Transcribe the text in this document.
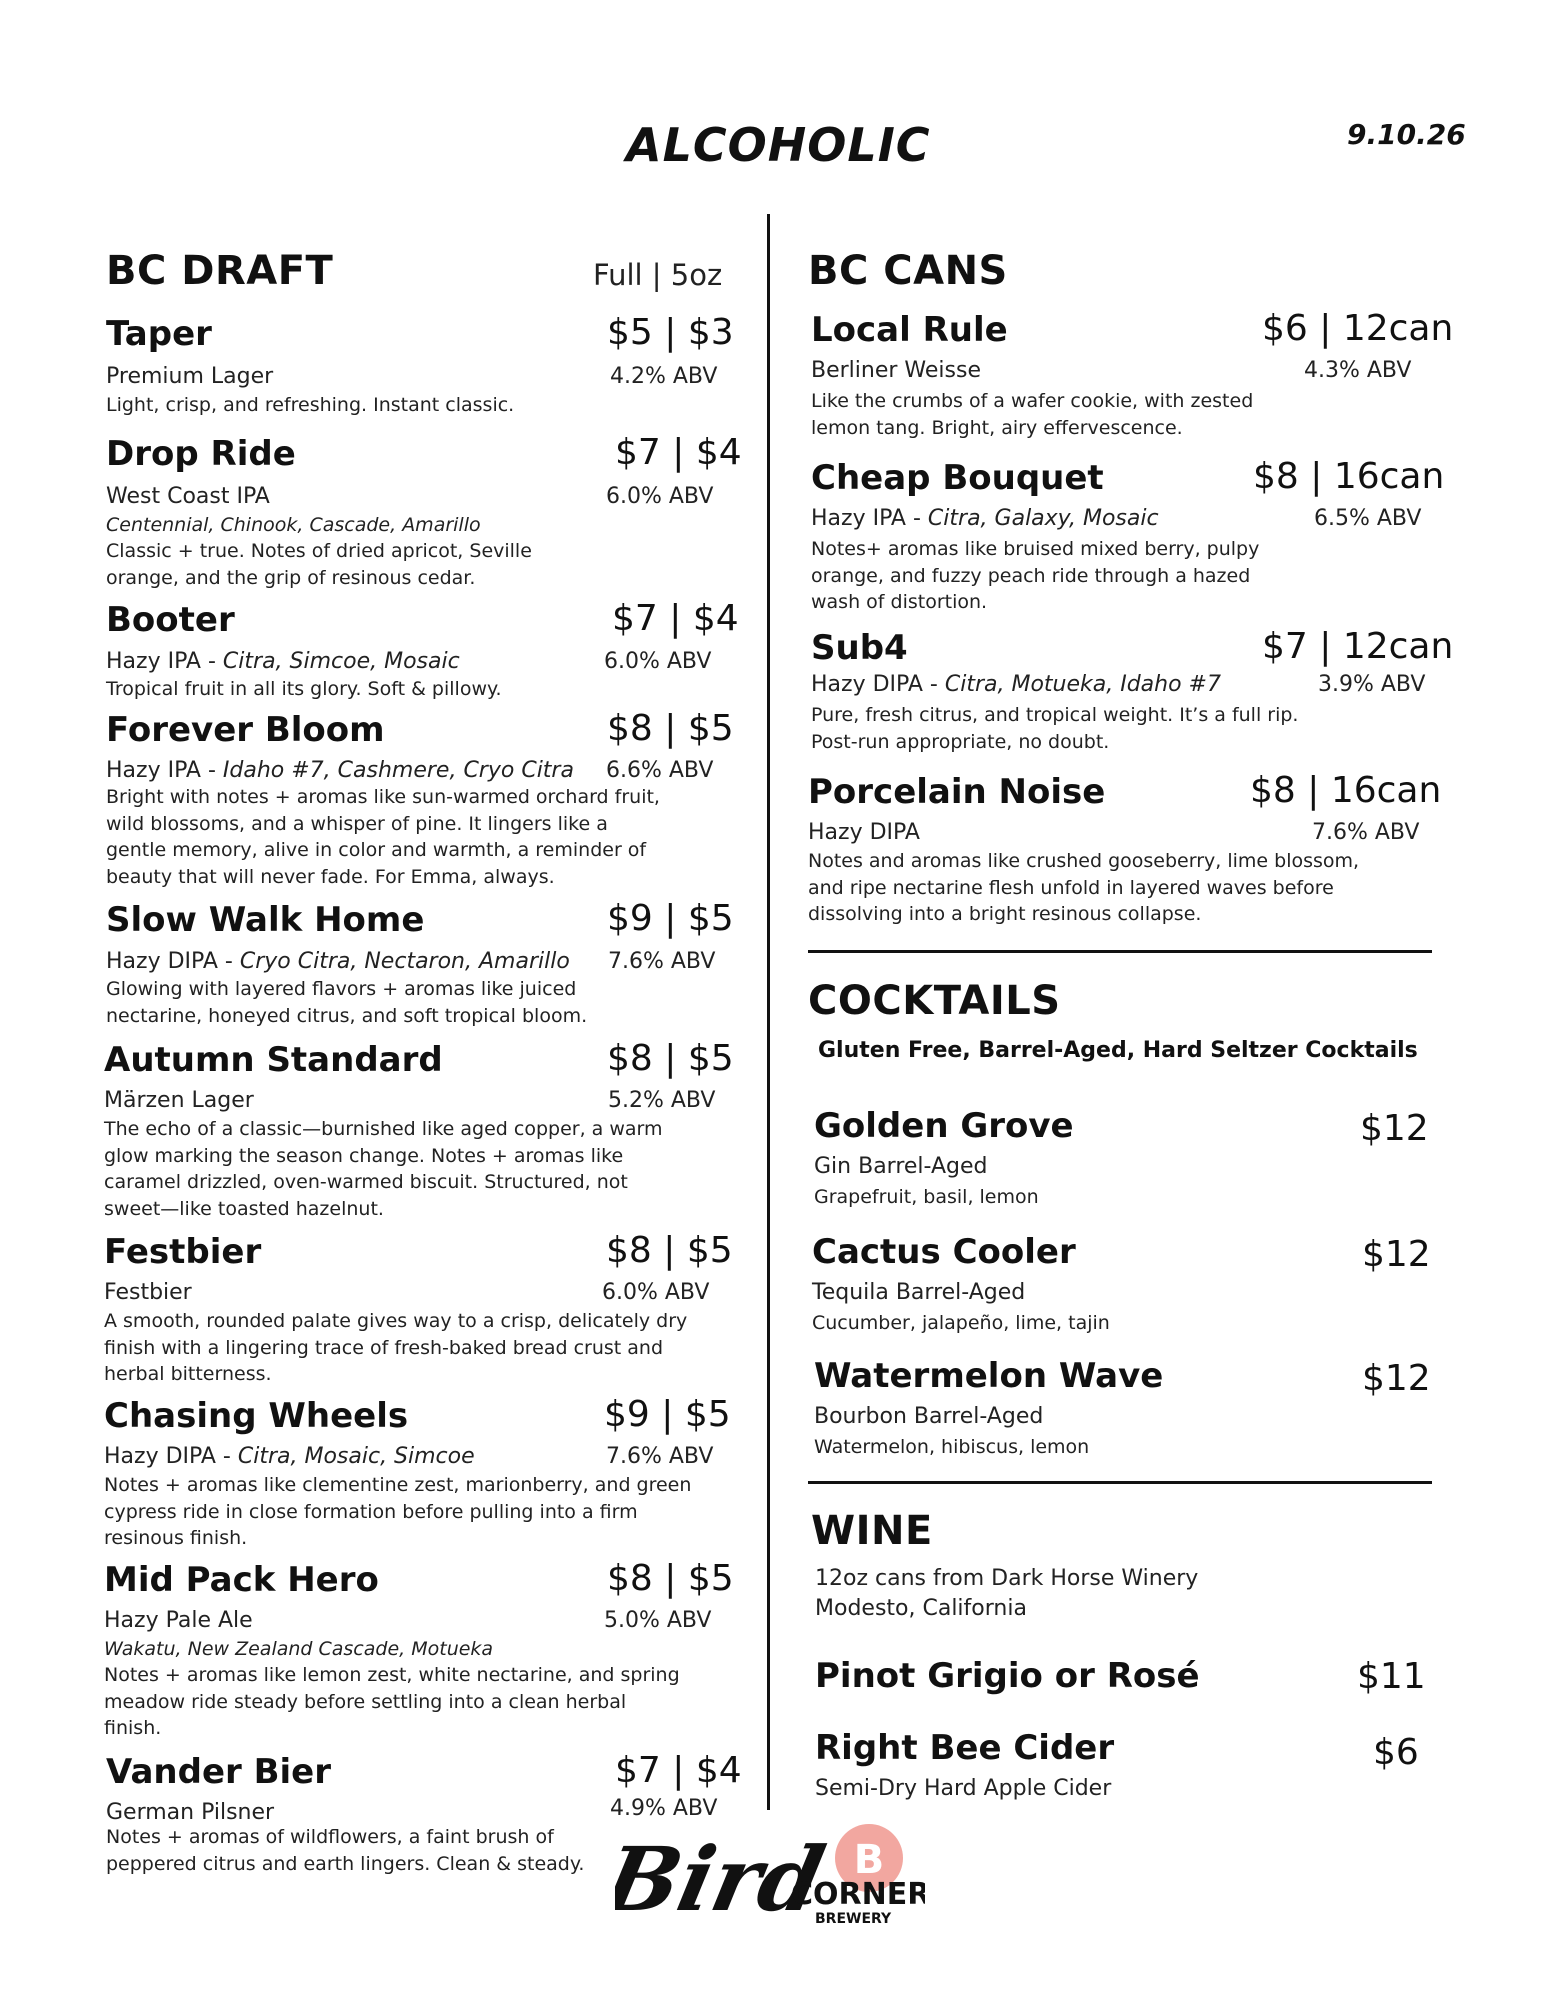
ALCOHOLIC	9.10.26
BC DRAFT	Full | 5oz
Taper	$5 | $3
Premium Lager	4.2% ABV
Light, crisp, and refreshing. Instant classic.
Drop Ride	$7 | $4
West Coast IPA	6.0% ABV
Centennial, Chinook, Cascade, Amarillo
Classic + true. Notes of dried apricot, Seville orange, and the grip of resinous cedar.
Booter	$7 | $4
Hazy IPA - Citra, Simcoe, Mosaic	6.0% ABV
Tropical fruit in all its glory. Soft & pillowy.
Forever Bloom	$8 | $5
Hazy IPA - Idaho #7, Cashmere, Cryo Citra 6.6% ABV
Bright with notes + aromas like sun-warmed orchard fruit, wild blossoms, and a whisper of pine. It lingers like a gentle memory, alive in color and warmth, a reminder of beauty that will never fade. For Emma, always.
Slow Walk Home	$9 | $5
Hazy DIPA - Cryo Citra, Nectaron, Amarillo 7.6% ABV
Glowing with layered flavors + aromas like juiced nectarine, honeyed citrus, and soft tropical bloom.
Autumn Standard	$8 | $5
Märzen Lager	5.2% ABV
The echo of a classic—burnished like aged copper, a warm glow marking the season change. Notes + aromas like caramel drizzled, oven-warmed biscuit. Structured, not sweet—like toasted hazelnut.
Festbier	$8 | $5
Festbier	6.0% ABV
A smooth, rounded palate gives way to a crisp, delicately dry finish with a lingering trace of fresh-baked bread crust and herbal bitterness.
Chasing Wheels	$9 | $5
Hazy DIPA - Citra, Mosaic, Simcoe	7.6% ABV
Notes + aromas like clementine zest, marionberry, and green cypress ride in close formation before pulling into a firm resinous finish.
Mid Pack Hero	$8 | $5
Hazy Pale Ale	5.0% ABV
Wakatu, New Zealand Cascade, Motueka
Notes + aromas like lemon zest, white nectarine, and spring meadow ride steady before settling into a clean herbal finish.
Vander Bier	$7 | $4
German Pilsner	4.9% ABV
Notes + aromas of wildflowers, a faint brush of peppered citrus and earth lingers. Clean & steady.
BC CANS
Local Rule	$6 | 12can
Berliner Weisse	4.3% ABV
Like the crumbs of a wafer cookie, with zested lemon tang. Bright, airy effervescence.
Cheap Bouquet	$8 | 16can
Hazy IPA - Citra, Galaxy, Mosaic	6.5% ABV
Notes+ aromas like bruised mixed berry, pulpy orange, and fuzzy peach ride through a hazed wash of distortion.
Sub4	$7 | 12can
Hazy DIPA - Citra, Motueka, Idaho #7	3.9% ABV
Pure, fresh citrus, and tropical weight. It’s a full rip. Post-run appropriate, no doubt.
Porcelain Noise	$8 | 16can
Hazy DIPA	7.6% ABV
Notes and aromas like crushed gooseberry, lime blossom, and ripe nectarine flesh unfold in layered waves before dissolving into a bright resinous collapse.
COCKTAILS
Gluten Free, Barrel-Aged, Hard Seltzer Cocktails
Golden Grove	$12
Gin Barrel-Aged
Grapefruit, basil, lemon
Cactus Cooler	$12
Tequila Barrel-Aged
Cucumber, jalapeño, lime, tajin
Watermelon Wave	$12
Bourbon Barrel-Aged
Watermelon, hibiscus, lemon
WINE
12oz cans from Dark Horse Winery
Modesto, California
Pinot Grigio or Rosé	$11
Right Bee Cider	$6
Semi-Dry Hard Apple Cider
B
Bird
CORNER
BREWERY
